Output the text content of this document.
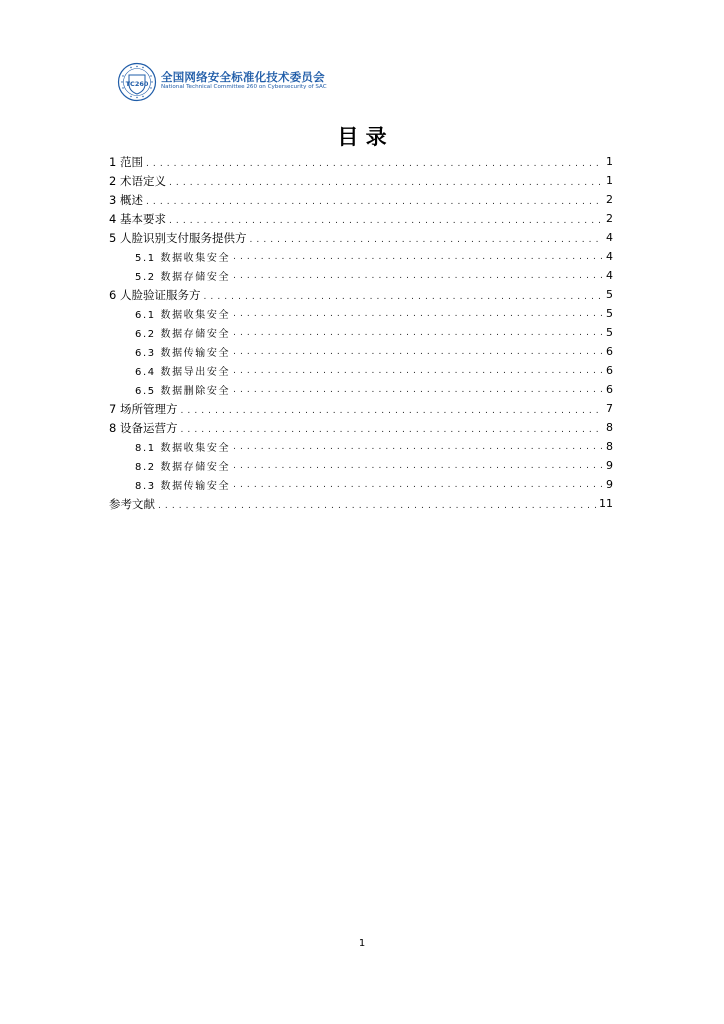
TC260 全国网络安全标准化技术委员会
National Technical Committee 260 on Cybersecurity of SAC
目 录
1 范围 . . .	1
2 术语定义 . . .	1
3 概述 . . .	2
4 基本要求 . . .	2
5 人脸识别支付服务提供方 . . .	4
5.1 数据收集安全 . . .	4
5.2 数据存储安全 . . .	4
6 人脸验证服务方 . . .	5
6.1 数据收集安全 . . .	5
6.2 数据存储安全 . . .	5
6.3 数据传输安全 . . .	6
6.4 数据导出安全 . . .	6
6.5 数据删除安全 . . .	6
7 场所管理方 . . .	7
8 设备运营方 . . .	8
8.1 数据收集安全 . . .	8
8.2 数据存储安全 . . .	9
8.3 数据传输安全 . . .	9
参考文献 . . .	11
1
